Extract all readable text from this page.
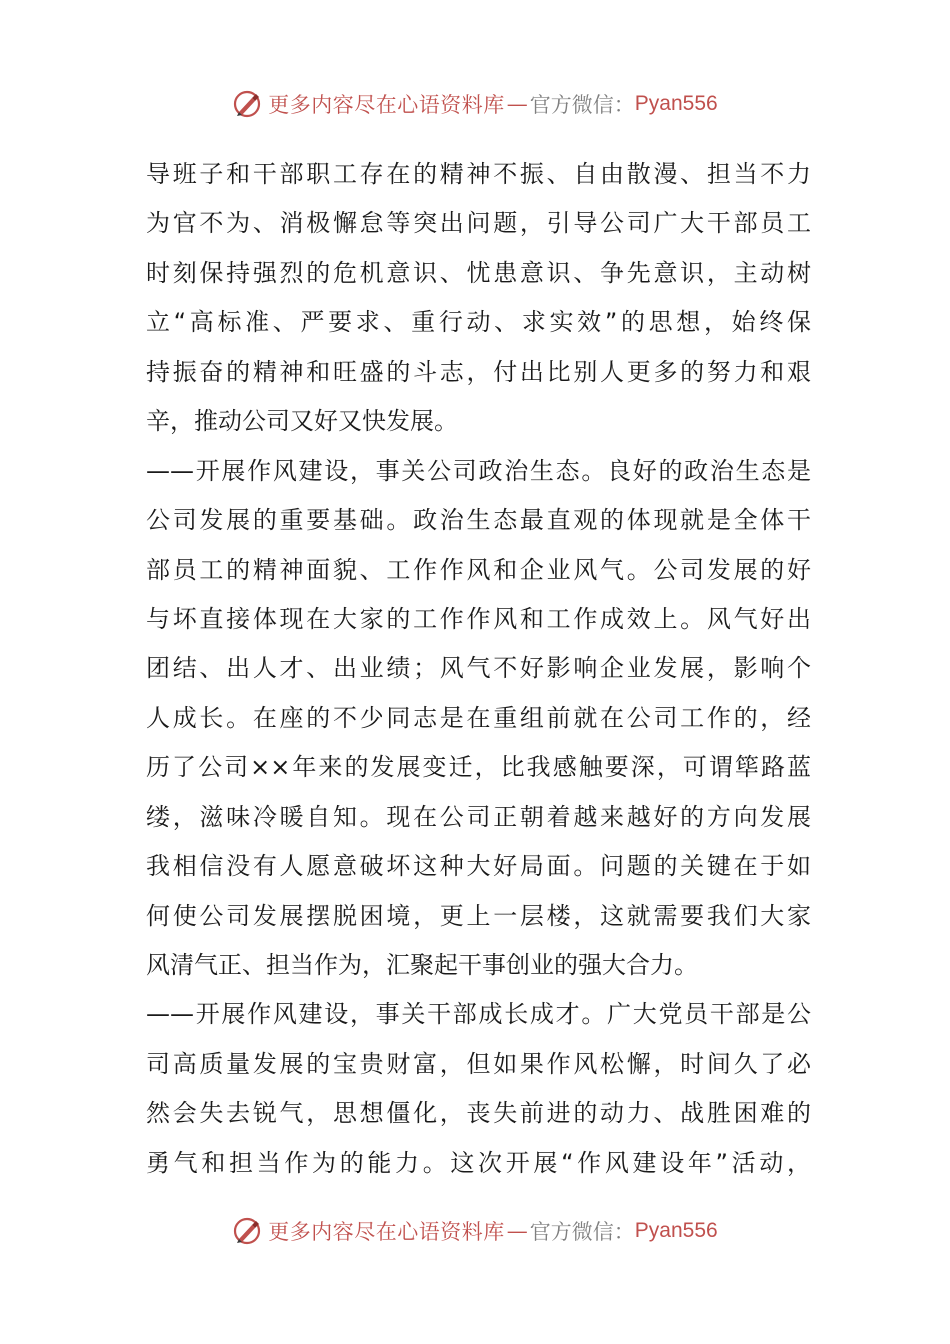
更多内容尽在心语资料库 — 官方微信： Pyan556
导班子和干部职工存在的精神不振、自由散漫、担当不力
为官不为、消极懈怠等突出问题，引导公司广大干部员工
时刻保持强烈的危机意识、忧患意识、争先意识，主动树
立“高标准、严要求、重行动、求实效”的思想，始终保
持振奋的精神和旺盛的斗志，付出比别人更多的努力和艰
辛，推动公司又好又快发展。
——开展作风建设，事关公司政治生态。良好的政治生态是
公司发展的重要基础。政治生态最直观的体现就是全体干
部员工的精神面貌、工作作风和企业风气。公司发展的好
与坏直接体现在大家的工作作风和工作成效上。风气好出
团结、出人才、出业绩；风气不好影响企业发展，影响个
人成长。在座的不少同志是在重组前就在公司工作的，经
历了公司××年来的发展变迁，比我感触要深，可谓筚路蓝
缕，滋味冷暖自知。现在公司正朝着越来越好的方向发展
我相信没有人愿意破坏这种大好局面。问题的关键在于如
何使公司发展摆脱困境，更上一层楼，这就需要我们大家
风清气正、担当作为，汇聚起干事创业的强大合力。
——开展作风建设，事关干部成长成才。广大党员干部是公
司高质量发展的宝贵财富，但如果作风松懈，时间久了必
然会失去锐气，思想僵化，丧失前进的动力、战胜困难的
勇气和担当作为的能力。这次开展“作风建设年”活动，
更多内容尽在心语资料库 — 官方微信： Pyan556
